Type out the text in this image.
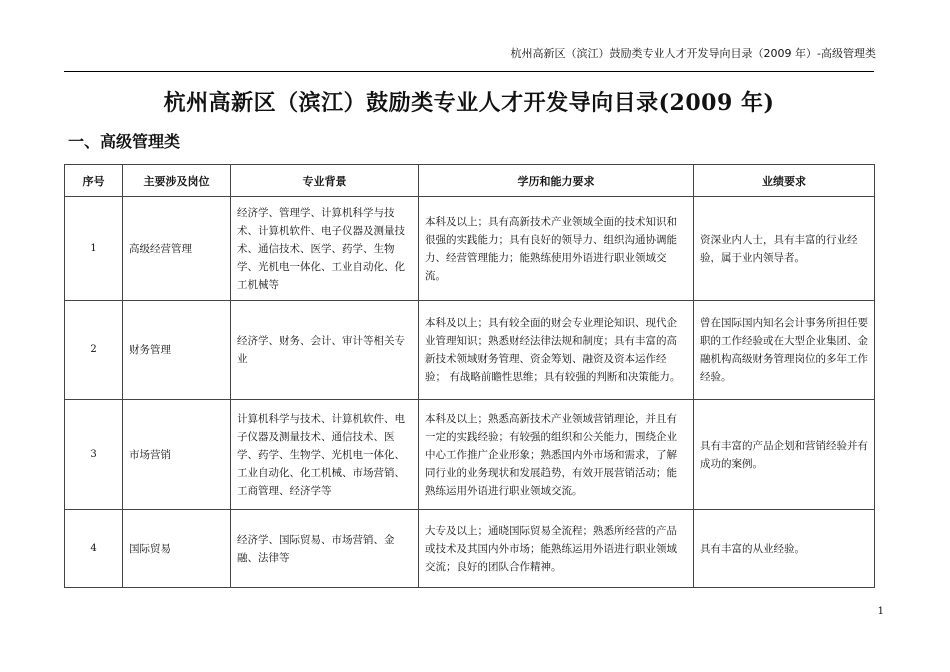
杭州高新区（滨江）鼓励类专业人才开发导向目录（2009 年）-高级管理类
杭州高新区（滨江）鼓励类专业人才开发导向目录(2009 年)
一、高级管理类
序号	主要涉及岗位	专业背景	学历和能力要求	业绩要求
1	高级经营管理	经济学、管理学、计算机科学与技术、计算机软件、电子仪器及测量技术、通信技术、医学、药学、生物学、光机电一体化、工业自动化、化工机械等	本科及以上；具有高新技术产业领域全面的技术知识和很强的实践能力；具有良好的领导力、组织沟通协调能力、经营管理能力；能熟练使用外语进行职业领域交流。	资深业内人士，具有丰富的行业经验，属于业内领导者。
2	财务管理	经济学、财务、会计、审计等相关专业	本科及以上；具有较全面的财会专业理论知识、现代企业管理知识；熟悉财经法律法规和制度；具有丰富的高新技术领域财务管理、资金筹划、融资及资本运作经验； 有战略前瞻性思维；具有较强的判断和决策能力。	曾在国际国内知名会计事务所担任要职的工作经验或在大型企业集团、金融机构高级财务管理岗位的多年工作经验。
3	市场营销	计算机科学与技术、计算机软件、电子仪器及测量技术、通信技术、医学、药学、生物学、光机电一体化、工业自动化、化工机械、市场营销、工商管理、经济学等	本科及以上；熟悉高新技术产业领域营销理论，并且有一定的实践经验；有较强的组织和公关能力，围绕企业中心工作推广企业形象；熟悉国内外市场和需求，了解同行业的业务现状和发展趋势，有效开展营销活动；能熟练运用外语进行职业领域交流。	具有丰富的产品企划和营销经验并有成功的案例。
4	国际贸易	经济学、国际贸易、市场营销、金融、法律等	大专及以上；通晓国际贸易全流程；熟悉所经营的产品或技术及其国内外市场；能熟练运用外语进行职业领域交流；良好的团队合作精神。	具有丰富的从业经验。
1
